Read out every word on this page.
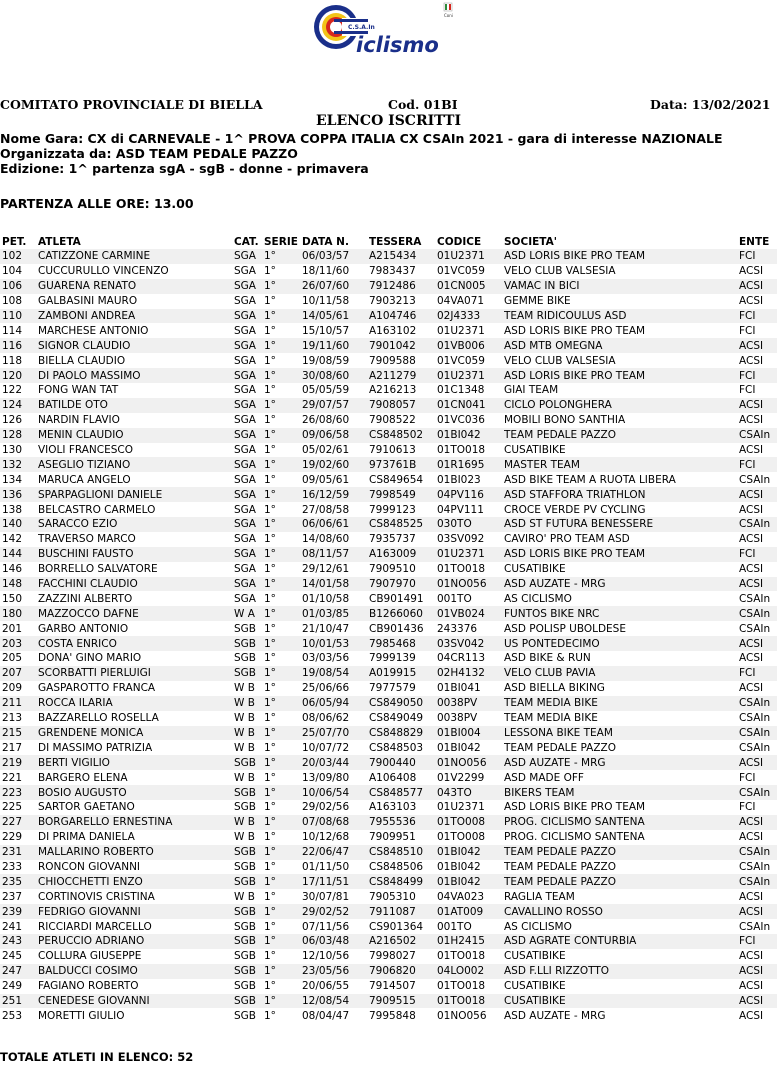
C.S.A.In
iclismo
Coni
COMITATO PROVINCIALE DI BIELLA	Cod. 01BI	Data: 13/02/2021
ELENCO ISCRITTI
Nome Gara: CX di CARNEVALE - 1^ PROVA COPPA ITALIA CX CSAIn 2021 - gara di interesse NAZIONALE
Organizzata da: ASD TEAM PEDALE PAZZO
Edizione: 1^ partenza sgA - sgB - donne - primavera
PARTENZA ALLE ORE: 13.00
PET.	ATLETA	CAT.	SERIE	DATA N.	TESSERA	CODICE	SOCIETA'	ENTE
102	CATIZZONE CARMINE	SGA	1°	06/03/57	A215434	01U2371	ASD LORIS BIKE PRO TEAM	FCI
104	CUCCURULLO VINCENZO	SGA	1°	18/11/60	7983437	01VC059	VELO CLUB VALSESIA	ACSI
106	GUARENA RENATO	SGA	1°	26/07/60	7912486	01CN005	VAMAC IN BICI	ACSI
108	GALBASINI MAURO	SGA	1°	10/11/58	7903213	04VA071	GEMME BIKE	ACSI
110	ZAMBONI ANDREA	SGA	1°	14/05/61	A104746	02J4333	TEAM RIDICOULUS ASD	FCI
114	MARCHESE ANTONIO	SGA	1°	15/10/57	A163102	01U2371	ASD LORIS BIKE PRO TEAM	FCI
116	SIGNOR CLAUDIO	SGA	1°	19/11/60	7901042	01VB006	ASD MTB OMEGNA	ACSI
118	BIELLA CLAUDIO	SGA	1°	19/08/59	7909588	01VC059	VELO CLUB VALSESIA	ACSI
120	DI PAOLO MASSIMO	SGA	1°	30/08/60	A211279	01U2371	ASD LORIS BIKE PRO TEAM	FCI
122	FONG WAN TAT	SGA	1°	05/05/59	A216213	01C1348	GIAI TEAM	FCI
124	BATILDE OTO	SGA	1°	29/07/57	7908057	01CN041	CICLO POLONGHERA	ACSI
126	NARDIN FLAVIO	SGA	1°	26/08/60	7908522	01VC036	MOBILI BONO SANTHIA	ACSI
128	MENIN CLAUDIO	SGA	1°	09/06/58	CS848502	01BI042	TEAM PEDALE PAZZO	CSAIn
130	VIOLI FRANCESCO	SGA	1°	05/02/61	7910613	01TO018	CUSATIBIKE	ACSI
132	ASEGLIO TIZIANO	SGA	1°	19/02/60	973761B	01R1695	MASTER TEAM	FCI
134	MARUCA ANGELO	SGA	1°	09/05/61	CS849654	01BI023	ASD BIKE TEAM A RUOTA LIBERA	CSAIn
136	SPARPAGLIONI DANIELE	SGA	1°	16/12/59	7998549	04PV116	ASD STAFFORA TRIATHLON	ACSI
138	BELCASTRO CARMELO	SGA	1°	27/08/58	7999123	04PV111	CROCE VERDE PV CYCLING	ACSI
140	SARACCO EZIO	SGA	1°	06/06/61	CS848525	030TO	ASD ST FUTURA BENESSERE	CSAIn
142	TRAVERSO MARCO	SGA	1°	14/08/60	7935737	03SV092	CAVIRO' PRO TEAM ASD	ACSI
144	BUSCHINI FAUSTO	SGA	1°	08/11/57	A163009	01U2371	ASD LORIS BIKE PRO TEAM	FCI
146	BORRELLO SALVATORE	SGA	1°	29/12/61	7909510	01TO018	CUSATIBIKE	ACSI
148	FACCHINI CLAUDIO	SGA	1°	14/01/58	7907970	01NO056	ASD AUZATE - MRG	ACSI
150	ZAZZINI ALBERTO	SGA	1°	01/10/58	CB901491	001TO	AS CICLISMO	CSAIn
180	MAZZOCCO DAFNE	W A	1°	01/03/85	B1266060	01VB024	FUNTOS BIKE NRC	CSAIn
201	GARBO ANTONIO	SGB	1°	21/10/47	CB901436	243376	ASD POLISP UBOLDESE	CSAIn
203	COSTA ENRICO	SGB	1°	10/01/53	7985468	03SV042	US PONTEDECIMO	ACSI
205	DONA' GINO MARIO	SGB	1°	03/03/56	7999139	04CR113	ASD BIKE & RUN	ACSI
207	SCORBATTI PIERLUIGI	SGB	1°	19/08/54	A019915	02H4132	VELO CLUB PAVIA	FCI
209	GASPAROTTO FRANCA	W B	1°	25/06/66	7977579	01BI041	ASD BIELLA BIKING	ACSI
211	ROCCA ILARIA	W B	1°	06/05/94	CS849050	0038PV	TEAM MEDIA BIKE	CSAIn
213	BAZZARELLO ROSELLA	W B	1°	08/06/62	CS849049	0038PV	TEAM MEDIA BIKE	CSAIn
215	GRENDENE MONICA	W B	1°	25/07/70	CS848829	01BI004	LESSONA BIKE TEAM	CSAIn
217	DI MASSIMO PATRIZIA	W B	1°	10/07/72	CS848503	01BI042	TEAM PEDALE PAZZO	CSAIn
219	BERTI VIGILIO	SGB	1°	20/03/44	7900440	01NO056	ASD AUZATE - MRG	ACSI
221	BARGERO ELENA	W B	1°	13/09/80	A106408	01V2299	ASD MADE OFF	FCI
223	BOSIO AUGUSTO	SGB	1°	10/06/54	CS848577	043TO	BIKERS TEAM	CSAIn
225	SARTOR GAETANO	SGB	1°	29/02/56	A163103	01U2371	ASD LORIS BIKE PRO TEAM	FCI
227	BORGARELLO ERNESTINA	W B	1°	07/08/68	7955536	01TO008	PROG. CICLISMO SANTENA	ACSI
229	DI PRIMA DANIELA	W B	1°	10/12/68	7909951	01TO008	PROG. CICLISMO SANTENA	ACSI
231	MALLARINO ROBERTO	SGB	1°	22/06/47	CS848510	01BI042	TEAM PEDALE PAZZO	CSAIn
233	RONCON GIOVANNI	SGB	1°	01/11/50	CS848506	01BI042	TEAM PEDALE PAZZO	CSAIn
235	CHIOCCHETTI ENZO	SGB	1°	17/11/51	CS848499	01BI042	TEAM PEDALE PAZZO	CSAIn
237	CORTINOVIS CRISTINA	W B	1°	30/07/81	7905310	04VA023	RAGLIA TEAM	ACSI
239	FEDRIGO GIOVANNI	SGB	1°	29/02/52	7911087	01AT009	CAVALLINO ROSSO	ACSI
241	RICCIARDI MARCELLO	SGB	1°	07/11/56	CS901364	001TO	AS CICLISMO	CSAIn
243	PERUCCIO ADRIANO	SGB	1°	06/03/48	A216502	01H2415	ASD AGRATE CONTURBIA	FCI
245	COLLURA GIUSEPPE	SGB	1°	12/10/56	7998027	01TO018	CUSATIBIKE	ACSI
247	BALDUCCI COSIMO	SGB	1°	23/05/56	7906820	04LO002	ASD F.LLI RIZZOTTO	ACSI
249	FAGIANO ROBERTO	SGB	1°	20/06/55	7914507	01TO018	CUSATIBIKE	ACSI
251	CENEDESE GIOVANNI	SGB	1°	12/08/54	7909515	01TO018	CUSATIBIKE	ACSI
253	MORETTI GIULIO	SGB	1°	08/04/47	7995848	01NO056	ASD AUZATE - MRG	ACSI
TOTALE ATLETI IN ELENCO: 52
